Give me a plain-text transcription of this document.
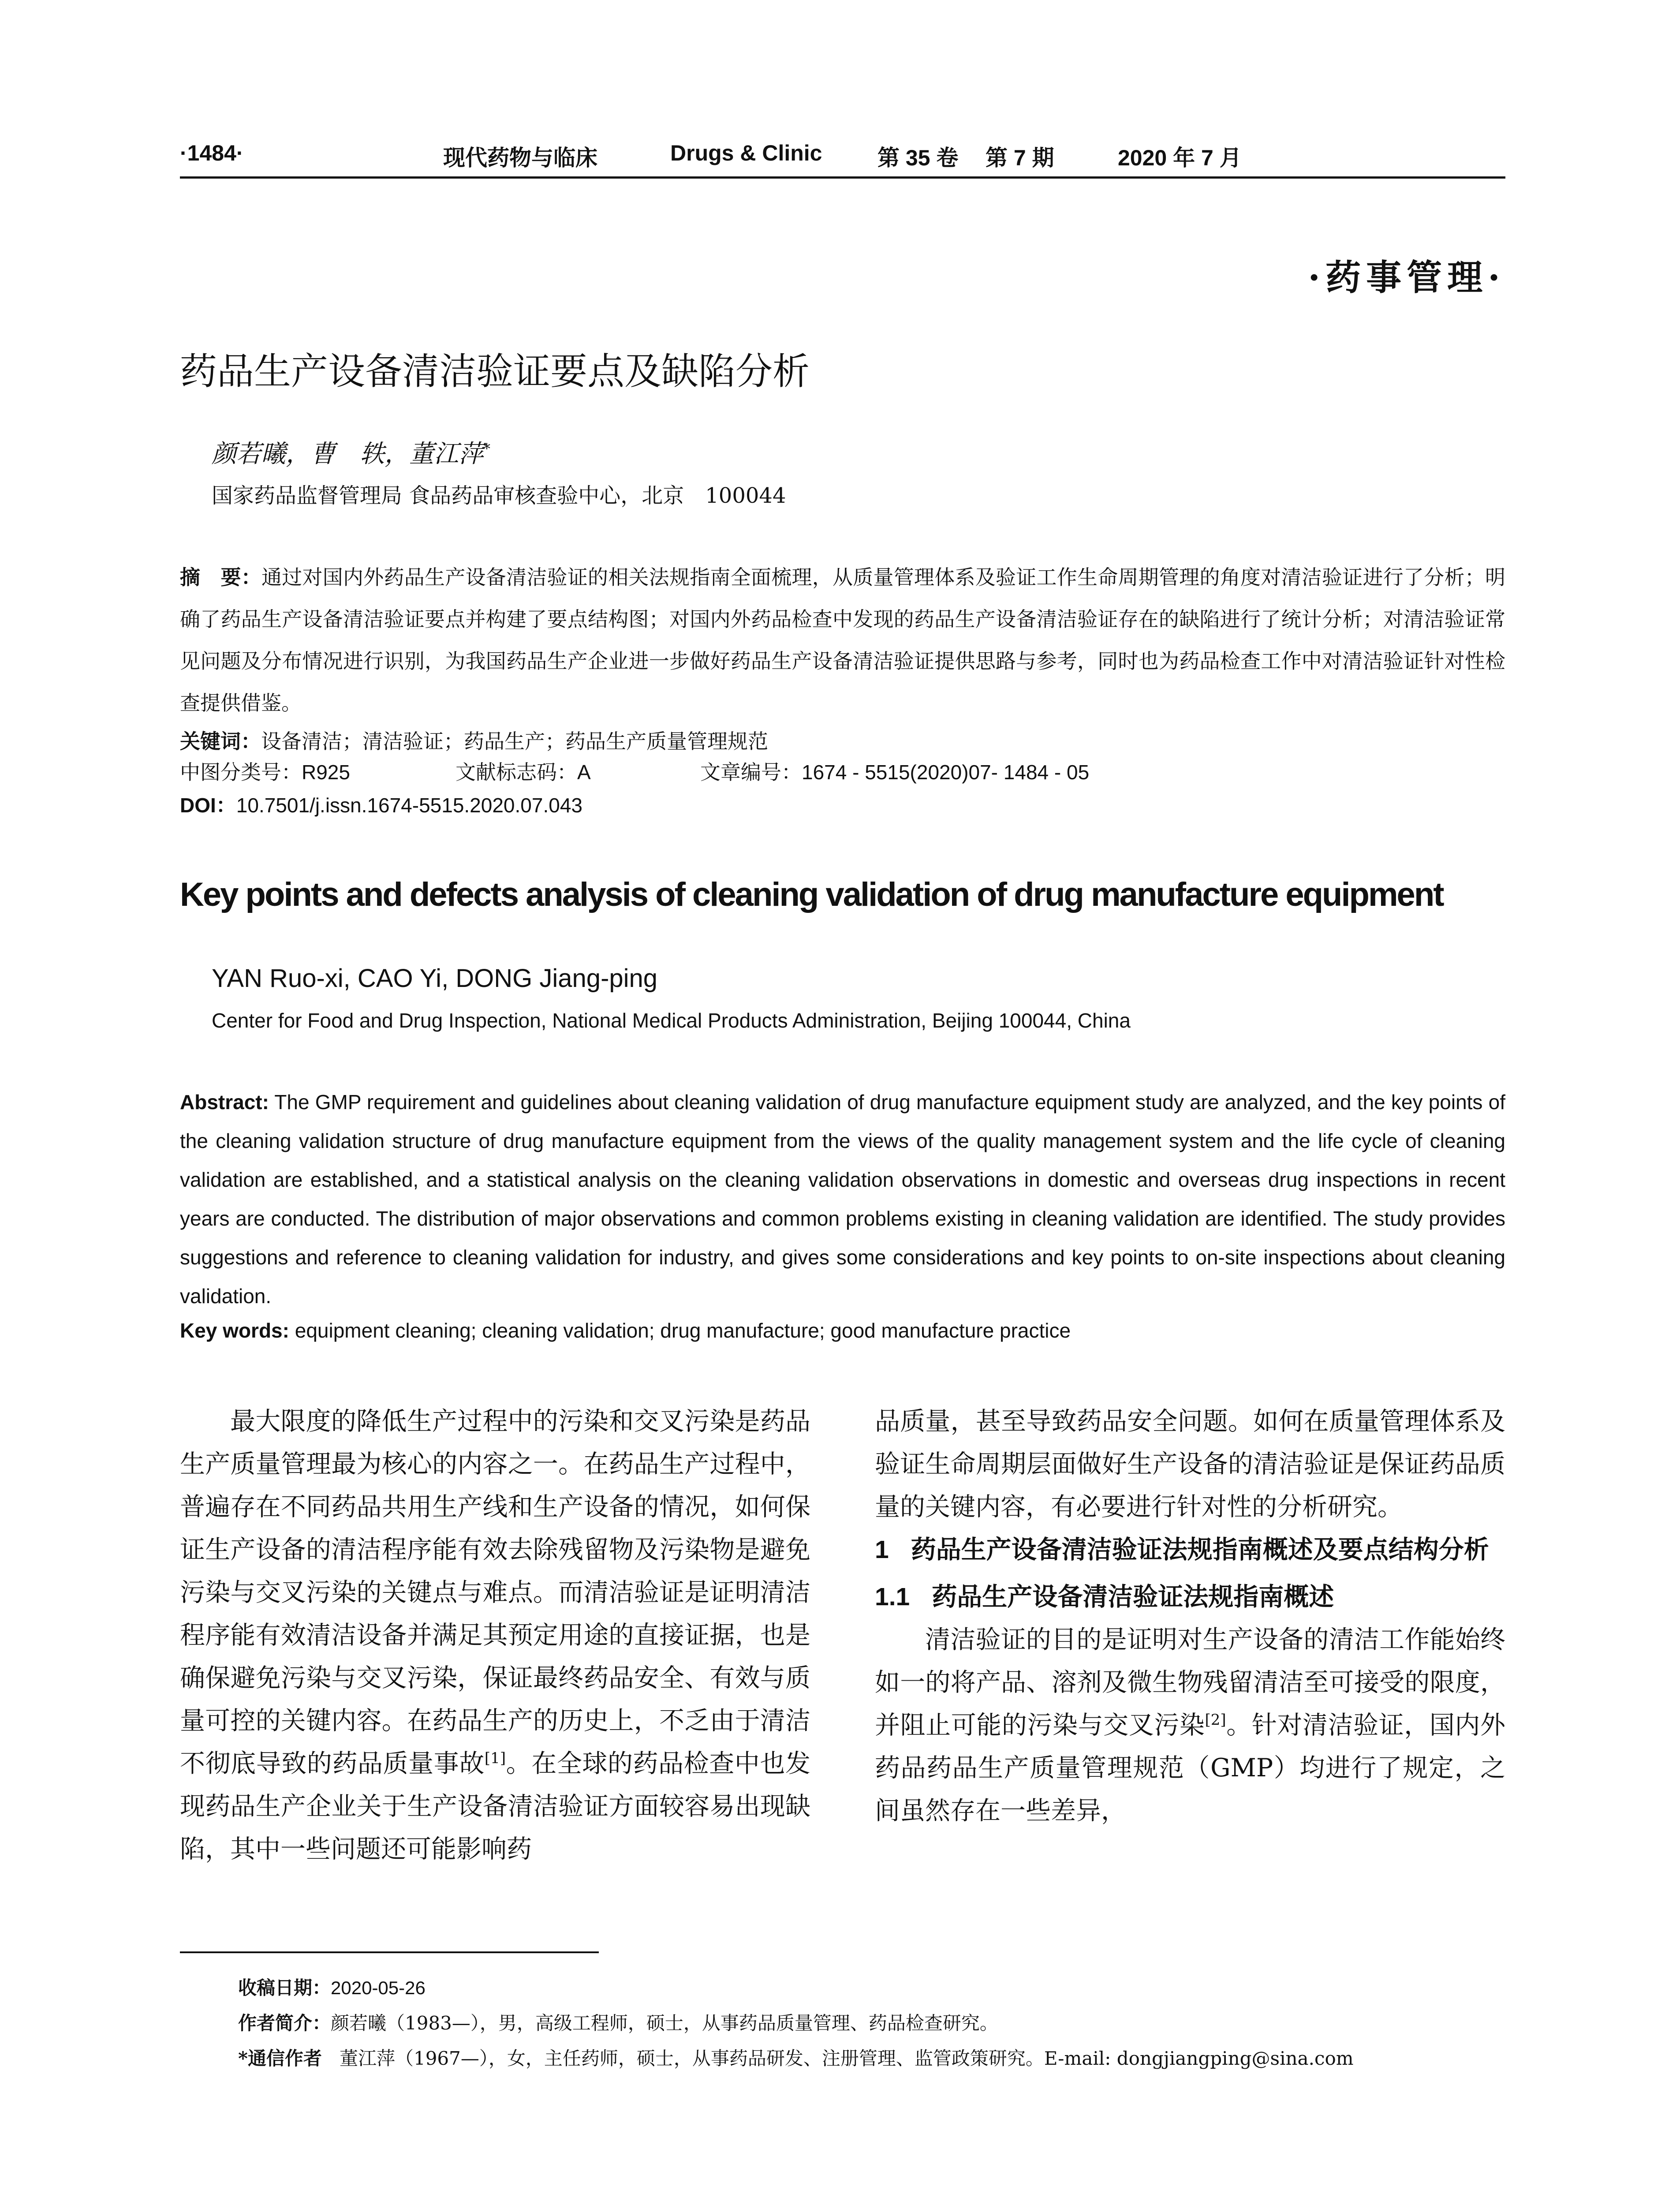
·1484·	现代药物与临床	Drugs & Clinic	第 35 卷 第 7 期	2020 年 7 月
·药事管理·
药品生产设备清洁验证要点及缺陷分析
颜若曦，曹　轶，董江萍*
国家药品监督管理局 食品药品审核查验中心，北京　100044
摘　要：通过对国内外药品生产设备清洁验证的相关法规指南全面梳理，从质量管理体系及验证工作生命周期管理的角度对清洁验证进行了分析；明确了药品生产设备清洁验证要点并构建了要点结构图；对国内外药品检查中发现的药品生产设备清洁验证存在的缺陷进行了统计分析；对清洁验证常见问题及分布情况进行识别，为我国药品生产企业进一步做好药品生产设备清洁验证提供思路与参考，同时也为药品检查工作中对清洁验证针对性检查提供借鉴。
关键词：设备清洁；清洁验证；药品生产；药品生产质量管理规范
中图分类号：R925	文献标志码：A	文章编号：1674 - 5515(2020)07- 1484 - 05
DOI：10.7501/j.issn.1674-5515.2020.07.043
Key points and defects analysis of cleaning validation of drug manufacture equipment
YAN Ruo-xi, CAO Yi, DONG Jiang-ping
Center for Food and Drug Inspection, National Medical Products Administration, Beijing 100044, China
Abstract: The GMP requirement and guidelines about cleaning validation of drug manufacture equipment study are analyzed, and the key points of the cleaning validation structure of drug manufacture equipment from the views of the quality management system and the life cycle of cleaning validation are established, and a statistical analysis on the cleaning validation observations in domestic and overseas drug inspections in recent years are conducted. The distribution of major observations and common problems existing in cleaning validation are identified. The study provides suggestions and reference to cleaning validation for industry, and gives some considerations and key points to on-site inspections about cleaning validation.
Key words: equipment cleaning; cleaning validation; drug manufacture; good manufacture practice

最大限度的降低生产过程中的污染和交叉污染是药品生产质量管理最为核心的内容之一。在药品生产过程中，普遍存在不同药品共用生产线和生产设备的情况，如何保证生产设备的清洁程序能有效去除残留物及污染物是避免污染与交叉污染的关键点与难点。而清洁验证是证明清洁程序能有效清洁设备并满足其预定用途的直接证据，也是确保避免污染与交叉污染，保证最终药品安全、有效与质量可控的关键内容。在药品生产的历史上，不乏由于清洁不彻底导致的药品质量事故[1]。在全球的药品检查中也发现药品生产企业关于生产设备清洁验证方面较容易出现缺陷，其中一些问题还可能影响药

品质量，甚至导致药品安全问题。如何在质量管理体系及验证生命周期层面做好生产设备的清洁验证是保证药品质量的关键内容，有必要进行针对性的分析研究。

1 药品生产设备清洁验证法规指南概述及要点结构分析
1.1 药品生产设备清洁验证法规指南概述

清洁验证的目的是证明对生产设备的清洁工作能始终如一的将产品、溶剂及微生物残留清洁至可接受的限度，并阻止可能的污染与交叉污染[2]。针对清洁验证，国内外药品药品生产质量管理规范（GMP）均进行了规定，之间虽然存在一些差异，

收稿日期：2020-05-26
作者简介：颜若曦（1983—），男，高级工程师，硕士，从事药品质量管理、药品检查研究。
*通信作者 董江萍（1967—），女，主任药师，硕士，从事药品研发、注册管理、监管政策研究。E-mail: dongjiangping@sina.com
